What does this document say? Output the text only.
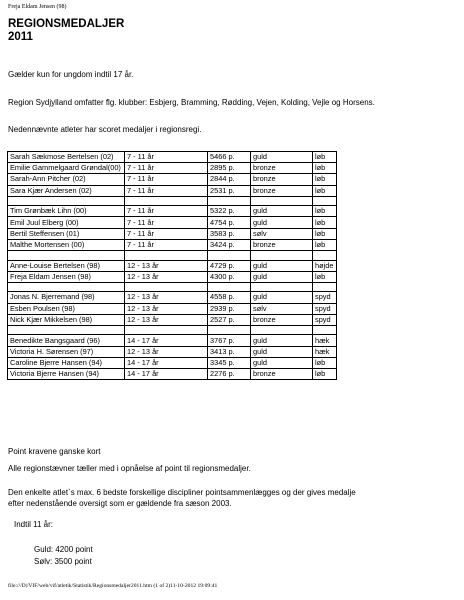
Freja Eldam Jensen (98)
REGIONSMEDALJER
2011
Gælder kun for ungdom indtil 17 år.
Region Sydjylland omfatter flg. klubber: Esbjerg, Bramming, Rødding, Vejen, Kolding, Vejle og Horsens.
Nedennævnte atleter har scoret medaljer i regionsregi.
Sarah Sækmose Bertelsen (02)	7 - 11 år	5466 p.	guld	løb
Emilie Gammelgaard Grøndal(00)	7 - 11 år	2895 p.	bronze	løb
Sarah-Ann Pitcher (02)	7 - 11 år	2844 p.	bronze	løb
Sara Kjær Andersen (02)	7 - 11 år	2531 p.	bronze	løb

Tim Grønbæk Lihn (00)	7 - 11 år	5322 p.	guld	løb
Emil Juul Elberg (00)	7 - 11 år	4754 p.	guld	løb
Bertil Steffensen (01)	7 - 11 år	3583 p.	sølv	løb
Malthe Mortensen (00)	7 - 11 år	3424 p.	bronze	løb

Anne-Louise Bertelsen (98)	12 - 13 år	4729 p.	guld	højde
Freja Eldam Jensen (98)	12 - 13 år	4300 p.	guld	løb

Jonas N. Bjerremand (98)	12 - 13 år	4558 p.	guld	spyd
Esben Poulsen (98)	12 - 13 år	2939 p.	sølv	spyd
Nick Kjær Mikkelsen (98)	12 - 13 år	2527 p.	bronze	spyd

Benedikte Bangsgaard (96)	14 - 17 år	3767 p.	guld	hæk
Victoria H. Sørensen (97)	12 - 13 år	3413 p.	guld	hæk
Caroline Bjerre Hansen (94)	14 - 17 år	3345 p.	guld	løb
Victoria Bjerre Hansen (94)	14 - 17 år	2276 p.	bronze	løb
Point kravene ganske kort
Alle regionstævner tæller med i opnåelse af point til regionsmedaljer.
Den enkelte atlet`s max. 6 bedste forskellige discipliner pointsammenlægges og der gives medalje
efter nedenstående oversigt som er gældende fra sæson 2003.
Indtil 11 år:
Guld: 4200 point
Sølv: 3500 point
file:///D|/VIF/web/vif/atletik/Statistik/Regionsmedaljer2011.htm (1 of 2)11-10-2012 19:09:41
